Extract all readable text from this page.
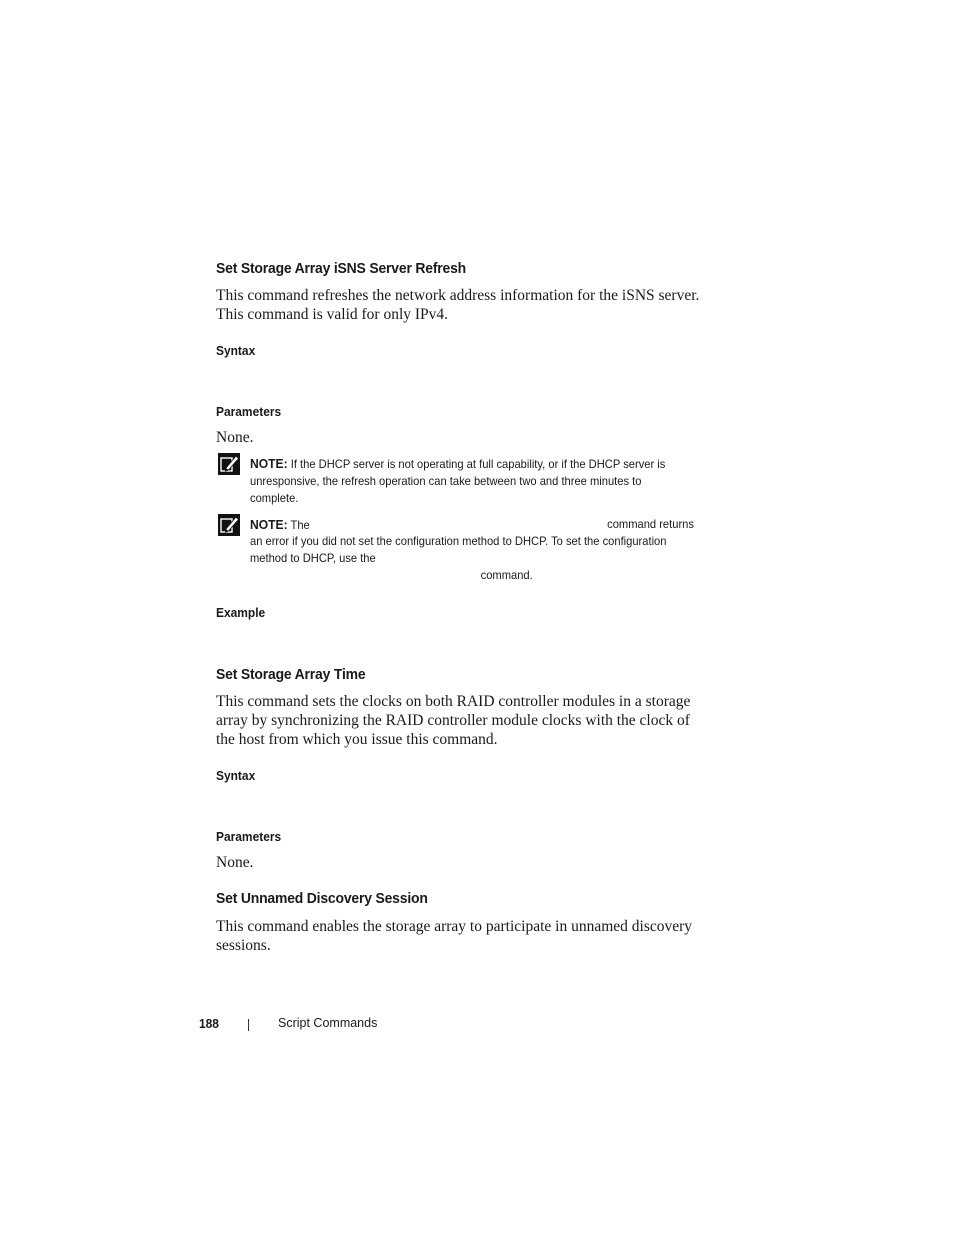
Set Storage Array iSNS Server Refresh
This command refreshes the network address information for the iSNS server.
This command is valid for only IPv4.
Syntax
Parameters
None.
NOTE: If the DHCP server is not operating at full capability, or if the DHCP server is
unresponsive, the refresh operation can take between two and three minutes to
complete.
NOTE: The	command returns
an error if you did not set the configuration method to DHCP. To set the configuration
method to DHCP, use the
command.
Example
Set Storage Array Time
This command sets the clocks on both RAID controller modules in a storage
array by synchronizing the RAID controller module clocks with the clock of
the host from which you issue this command.
Syntax
Parameters
None.
Set Unnamed Discovery Session
This command enables the storage array to participate in unnamed discovery
sessions.
188	Script Commands
